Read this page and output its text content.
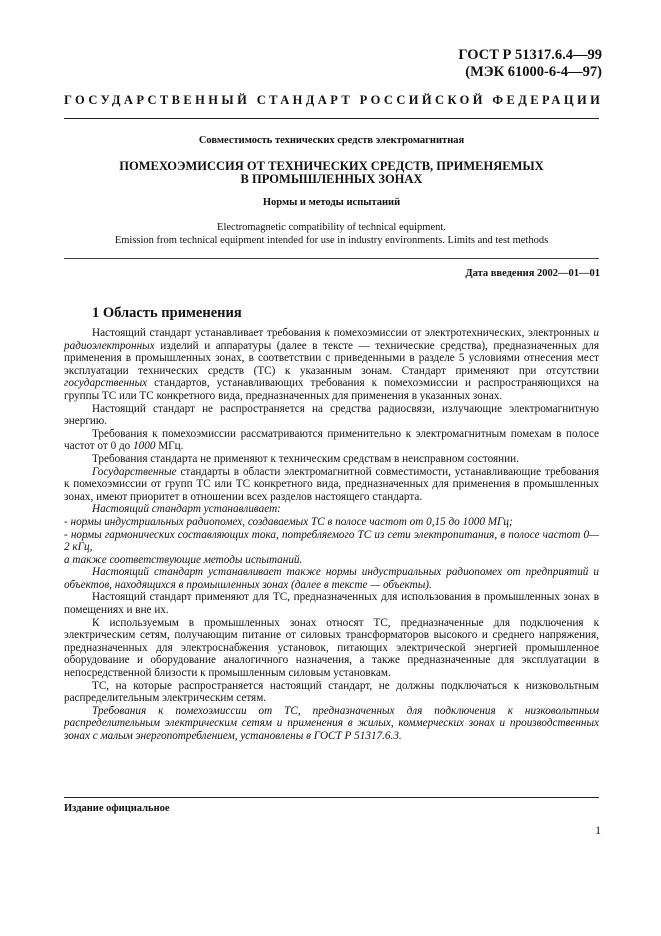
ГОСТ Р 51317.6.4—99
(МЭК 61000-6-4—97)
ГОСУДАРСТВЕННЫЙ СТАНДАРТ РОССИЙСКОЙ ФЕДЕРАЦИИ
Совместимость технических средств электромагнитная
ПОМЕХОЭМИССИЯ ОТ ТЕХНИЧЕСКИХ СРЕДСТВ, ПРИМЕНЯЕМЫХ
В ПРОМЫШЛЕННЫХ ЗОНАХ
Нормы и методы испытаний
Electromagnetic compatibility of technical equipment.
Emission from technical equipment intended for use in industry environments. Limits and test methods
Дата введения 2002—01—01
1 Область применения

Настоящий стандарт устанавливает требования к помехоэмиссии от электротехнических, электронных и радиоэлектронных изделий и аппаратуры (далее в тексте — технические средства), предназначенных для применения в промышленных зонах, в соответствии с приведенными в разделе 5 условиями отнесения мест эксплуатации технических средств (ТС) к указанным зонам. Стандарт применяют при отсутствии государственных стандартов, устанавливающих требования к помехоэмиссии и распространяющихся на группы ТС или ТС конкретного вида, предназначенных для применения в указанных зонах.

Настоящий стандарт не распространяется на средства радиосвязи, излучающие электромагнитную энергию.

Требования к помехоэмиссии рассматриваются применительно к электромагнитным помехам в полосе частот от 0 до 1000 МГц.

Требования стандарта не применяют к техническим средствам в неисправном состоянии.

Государственные стандарты в области электромагнитной совместимости, устанавливающие требования к помехоэмиссии от групп ТС или ТС конкретного вида, предназначенных для применения в промышленных зонах, имеют приоритет в отношении всех разделов настоящего стандарта.

Настоящий стандарт устанавливает:

- нормы индустриальных радиопомех, создаваемых ТС в полосе частот от 0,15 до 1000 МГц;

- нормы гармонических составляющих тока, потребляемого ТС из сети электропитания, в полосе частот 0—2 кГц,

а также соответствующие методы испытаний.

Настоящий стандарт устанавливает также нормы индустриальных радиопомех от предприятий и объектов, находящихся в промышленных зонах (далее в тексте — объекты).

Настоящий стандарт применяют для ТС, предназначенных для использования в промышленных зонах в помещениях и вне их.

К используемым в промышленных зонах относят ТС, предназначенные для подключения к электрическим сетям, получающим питание от силовых трансформаторов высокого и среднего напряжения, предназначенных для электроснабжения установок, питающих электрической энергией промышленное оборудование и оборудование аналогичного назначения, а также предназначенные для эксплуатации в непосредственной близости к промышленным силовым установкам.

ТС, на которые распространяется настоящий стандарт, не должны подключаться к низковольтным распределительным электрическим сетям.

Требования к помехоэмиссии от ТС, предназначенных для подключения к низковольтным распределительным электрическим сетям и применения в жилых, коммерческих зонах и производственных зонах с малым энергопотреблением, установлены в ГОСТ Р 51317.6.3.

Издание официальное
1
